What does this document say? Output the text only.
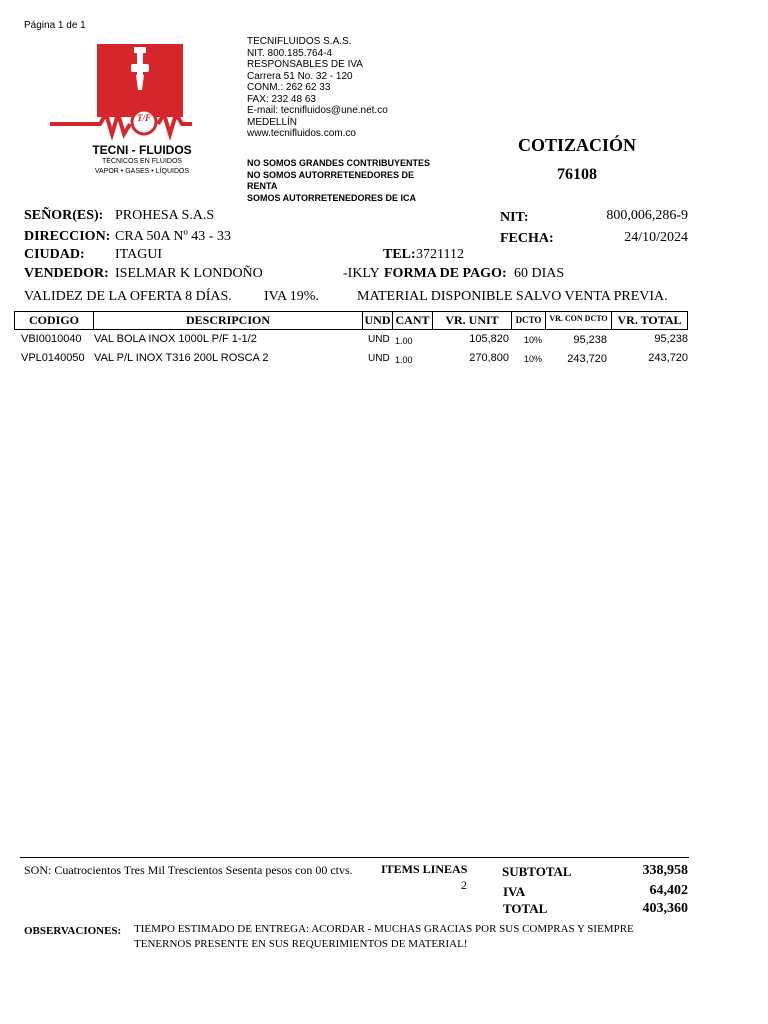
Página 1 de 1
T/F
TECNI - FLUIDOS
TÉCNICOS EN FLUIDOS
VAPOR • GASES • LÍQUIDOS
TECNIFLUIDOS S.A.S.
NIT. 800.185.764-4
RESPONSABLES DE IVA
Carrera 51 No. 32 - 120
CONM.: 262 62 33
FAX: 232 48 63
E-mail: tecnifluidos@une.net.co
MEDELLÍN
www.tecnifluidos.com.co
NO SOMOS GRANDES CONTRIBUYENTES
NO SOMOS AUTORRETENEDORES DE
RENTA
SOMOS AUTORRETENEDORES DE ICA
COTIZACIÓN
76108
SEÑOR(ES): PROHESA S.A.S
DIRECCION: CRA 50A Nº 43 - 33
CIUDAD: ITAGUI	TEL: 3721112
VENDEDOR: ISELMAR K LONDOÑO	-IKLY FORMA DE PAGO: 60 DIAS
NIT:	800,006,286-9
FECHA:	24/10/2024
VALIDEZ DE LA OFERTA 8 DÍAS. IVA 19%.	MATERIAL DISPONIBLE SALVO VENTA PREVIA.
CODIGO	DESCRIPCION	UND CANT	VR. UNIT	DCTO VR. CON DCTO VR. TOTAL
VBI0010040 VAL BOLA INOX 1000L P/F 1-1/2	UND 1.00	105,820 10%	95,238	95,238
VPL0140050 VAL P/L INOX T316 200L ROSCA 2	UND 1.00	270,800 10%	243,720	243,720
SON: Cuatrocientos Tres Mil Trescientos Sesenta pesos con 00 ctvs. ITEMS LINEAS
2
SUBTOTAL	338,958
IVA	64,402
TOTAL	403,360
OBSERVACIONES: TIEMPO ESTIMADO DE ENTREGA: ACORDAR - MUCHAS GRACIAS POR SUS COMPRAS Y SIEMPRE
TENERNOS PRESENTE EN SUS REQUERIMIENTOS DE MATERIAL!
